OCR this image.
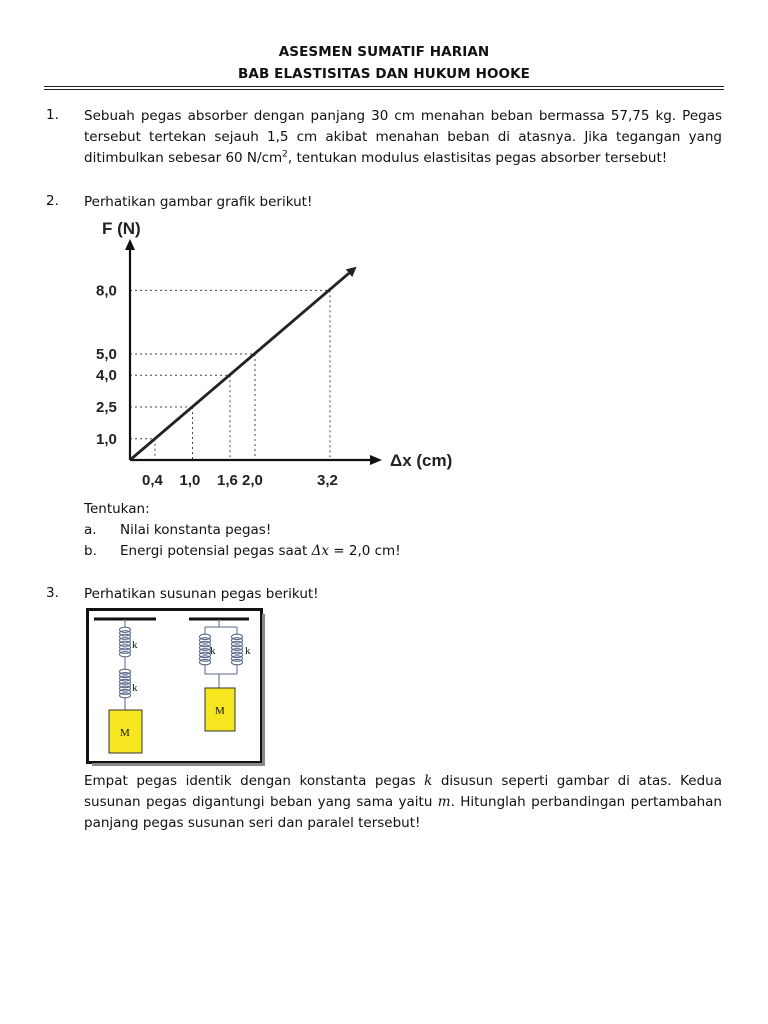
ASESMEN SUMATIF HARIAN
BAB ELASTISITAS DAN HUKUM HOOKE
1. Sebuah pegas absorber dengan panjang 30 cm menahan beban bermassa 57,75 kg. Pegas tersebut tertekan sejauh 1,5 cm akibat menahan beban di atasnya. Jika tegangan yang ditimbulkan sebesar 60 $N/cm^2$, tentukan modulus elastisitas pegas absorber tersebut!
2. Perhatikan gambar grafik berikut!
F (N)
Δx (cm)
1,0
2,5
4,0
5,0
8,0
0,4 1,0 1,6 2,0	3,2
Tentukan:
a. Nilai konstanta pegas!
b. Energi potensial pegas saat Δx = 2,0 cm!
3. Perhatikan susunan pegas berikut!
k
k
M
k	k
M
Empat pegas identik dengan konstanta pegas k disusun seperti gambar di atas. Kedua susunan pegas digantungi beban yang sama yaitu m. Hitunglah perbandingan pertambahan panjang pegas susunan seri dan paralel tersebut!
